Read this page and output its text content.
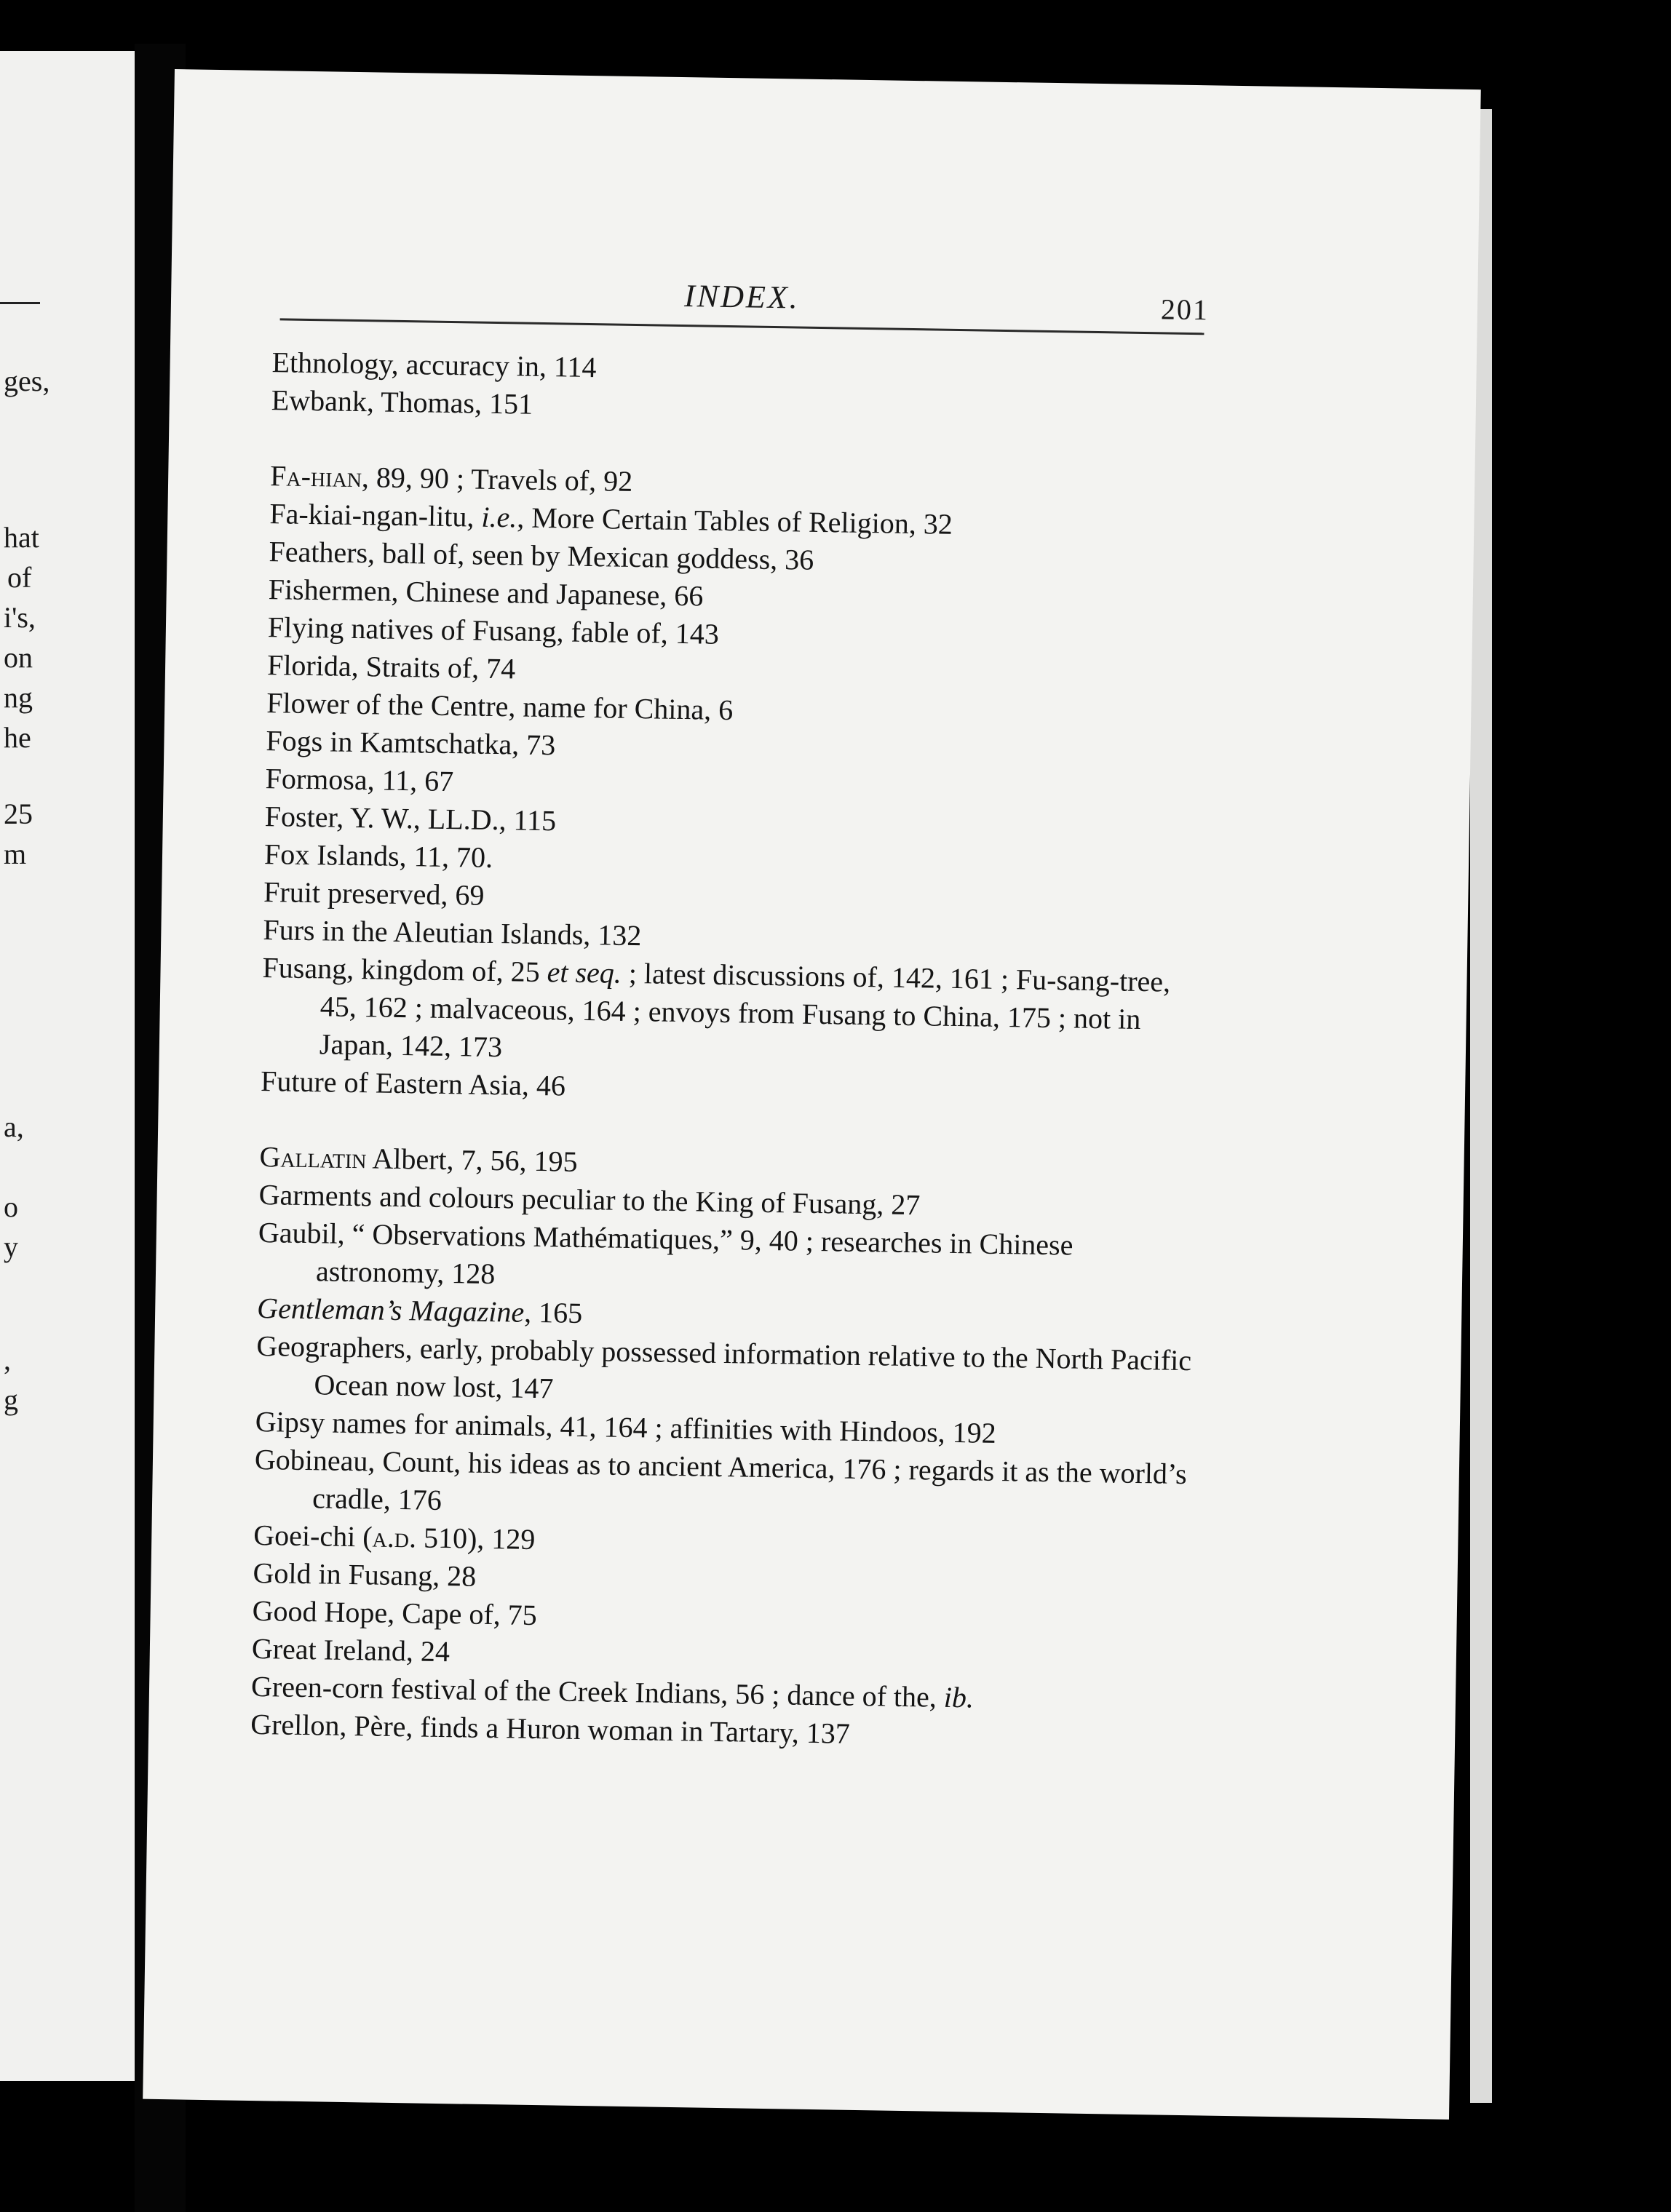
ges,
hat
of
i's,
on
ng
he
25
m
a,
o
y
,
g
INDEX.	201

Ethnology, accuracy in, 114

Ewbank, Thomas, 151

Fa-hian, 89, 90 ; Travels of, 92

Fa-kiai-ngan-litu, i.e., More Certain Tables of Religion, 32

Feathers, ball of, seen by Mexican goddess, 36

Fishermen, Chinese and Japanese, 66

Flying natives of Fusang, fable of, 143

Florida, Straits of, 74

Flower of the Centre, name for China, 6

Fogs in Kamtschatka, 73

Formosa, 11, 67

Foster, Y. W., LL.D., 115

Fox Islands, 11, 70.

Fruit preserved, 69

Furs in the Aleutian Islands, 132

Fusang, kingdom of, 25 et seq. ; latest discussions of, 142, 161 ; Fu-sang-tree, 45, 162 ; malvaceous, 164 ; envoys from Fusang to China, 175 ; not in Japan, 142, 173

Future of Eastern Asia, 46

Gallatin Albert, 7, 56, 195

Garments and colours peculiar to the King of Fusang, 27

Gaubil, “ Observations Mathématiques,” 9, 40 ; researches in Chinese astronomy, 128

Gentleman’s Magazine, 165

Geographers, early, probably possessed information relative to the North Pacific Ocean now lost, 147

Gipsy names for animals, 41, 164 ; affinities with Hindoos, 192

Gobineau, Count, his ideas as to ancient America, 176 ; regards it as the world’s cradle, 176

Goei-chi (a.d. 510), 129

Gold in Fusang, 28

Good Hope, Cape of, 75

Great Ireland, 24

Green-corn festival of the Creek Indians, 56 ; dance of the, ib.

Grellon, Père, finds a Huron woman in Tartary, 137
